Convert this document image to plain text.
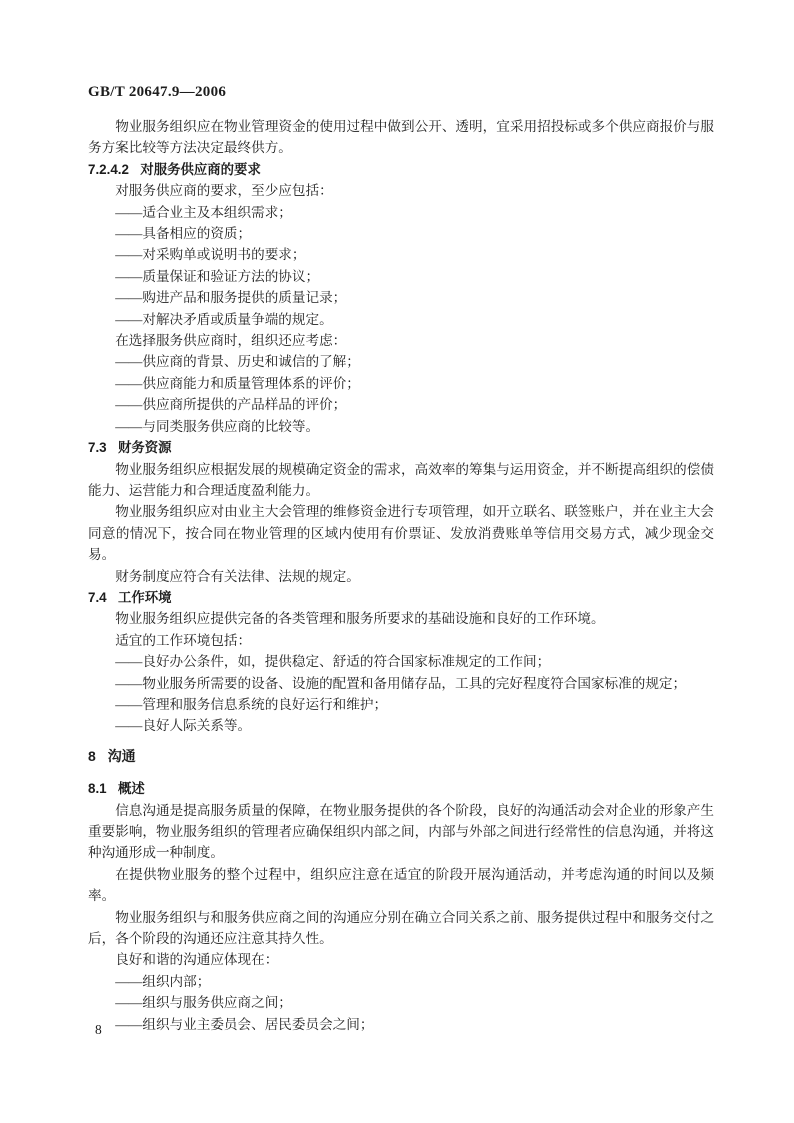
GB/T 20647.9—2006
物业服务组织应在物业管理资金的使用过程中做到公开、透明，宜采用招投标或多个供应商报价与服务方案比较等方法决定最终供方。
7.2.4.2 对服务供应商的要求
对服务供应商的要求，至少应包括：
——适合业主及本组织需求；
——具备相应的资质；
——对采购单或说明书的要求；
——质量保证和验证方法的协议；
——购进产品和服务提供的质量记录；
——对解决矛盾或质量争端的规定。
在选择服务供应商时，组织还应考虑：
——供应商的背景、历史和诚信的了解；
——供应商能力和质量管理体系的评价；
——供应商所提供的产品样品的评价；
——与同类服务供应商的比较等。
7.3 财务资源
物业服务组织应根据发展的规模确定资金的需求，高效率的筹集与运用资金，并不断提高组织的偿债能力、运营能力和合理适度盈利能力。
物业服务组织应对由业主大会管理的维修资金进行专项管理，如开立联名、联签账户，并在业主大会同意的情况下，按合同在物业管理的区域内使用有价票证、发放消费账单等信用交易方式，减少现金交易。
财务制度应符合有关法律、法规的规定。
7.4 工作环境
物业服务组织应提供完备的各类管理和服务所要求的基础设施和良好的工作环境。
适宜的工作环境包括：
——良好办公条件，如，提供稳定、舒适的符合国家标准规定的工作间；
——物业服务所需要的设备、设施的配置和备用储存品，工具的完好程度符合国家标准的规定；
——管理和服务信息系统的良好运行和维护；
——良好人际关系等。
8 沟通
8.1 概述
信息沟通是提高服务质量的保障，在物业服务提供的各个阶段，良好的沟通活动会对企业的形象产生重要影响，物业服务组织的管理者应确保组织内部之间，内部与外部之间进行经常性的信息沟通，并将这种沟通形成一种制度。
在提供物业服务的整个过程中，组织应注意在适宜的阶段开展沟通活动，并考虑沟通的时间以及频率。
物业服务组织与和服务供应商之间的沟通应分别在确立合同关系之前、服务提供过程中和服务交付之后，各个阶段的沟通还应注意其持久性。
良好和谐的沟通应体现在：
——组织内部；
——组织与服务供应商之间；
——组织与业主委员会、居民委员会之间；
8
